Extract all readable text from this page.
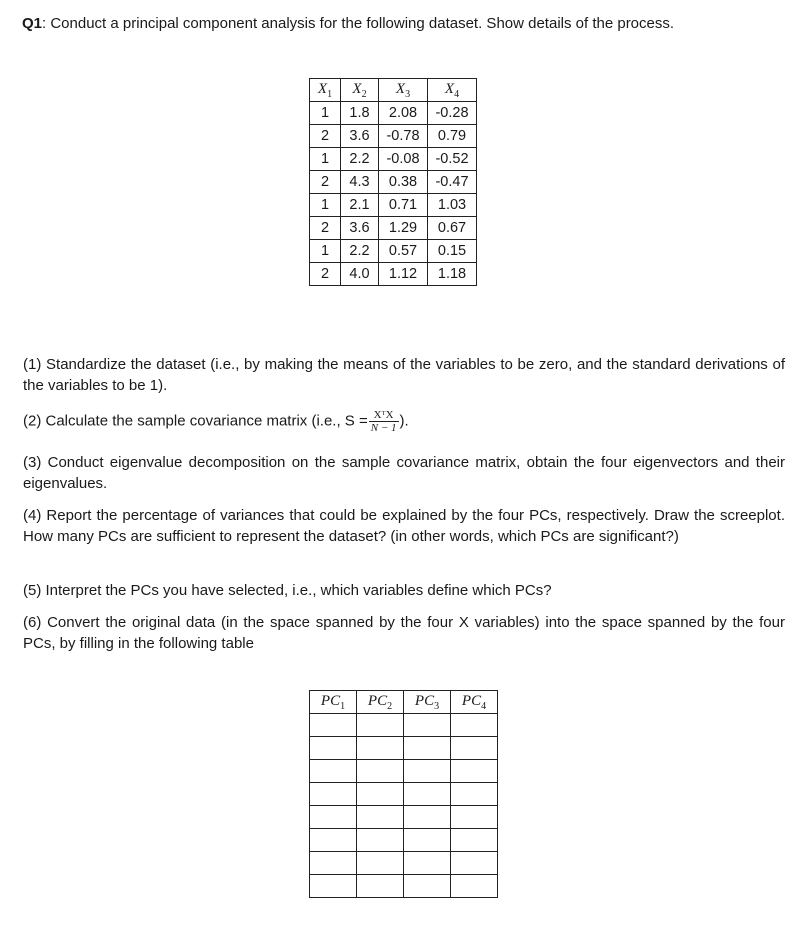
Q1: Conduct a principal component analysis for the following dataset. Show details of the process.
$X_1$	$X_2$	$X_3$	$X_4$
1	1.8	2.08	-0.28
2	3.6	-0.78	0.79
1	2.2	-0.08	-0.52
2	4.3	0.38	-0.47
1	2.1	0.71	1.03
2	3.6	1.29	0.67
1	2.2	0.57	0.15
2	4.0	1.12	1.18
(1) Standardize the dataset (i.e., by making the means of the variables to be zero, and the standard derivations of the variables to be 1).
(2) Calculate the sample covariance matrix (i.e., $S = \frac{\text{XᵀX}}{N - 1}$ ).
(3) Conduct eigenvalue decomposition on the sample covariance matrix, obtain the four eigenvectors and their eigenvalues.
(4) Report the percentage of variances that could be explained by the four PCs, respectively. Draw the screeplot. How many PCs are sufficient to represent the dataset? (in other words, which PCs are significant?)
(5) Interpret the PCs you have selected, i.e., which variables define which PCs?
(6) Convert the original data (in the space spanned by the four X variables) into the space spanned by the four PCs, by filling in the following table
$PC_1$	$PC_2$	$PC_3$	$PC_4$
